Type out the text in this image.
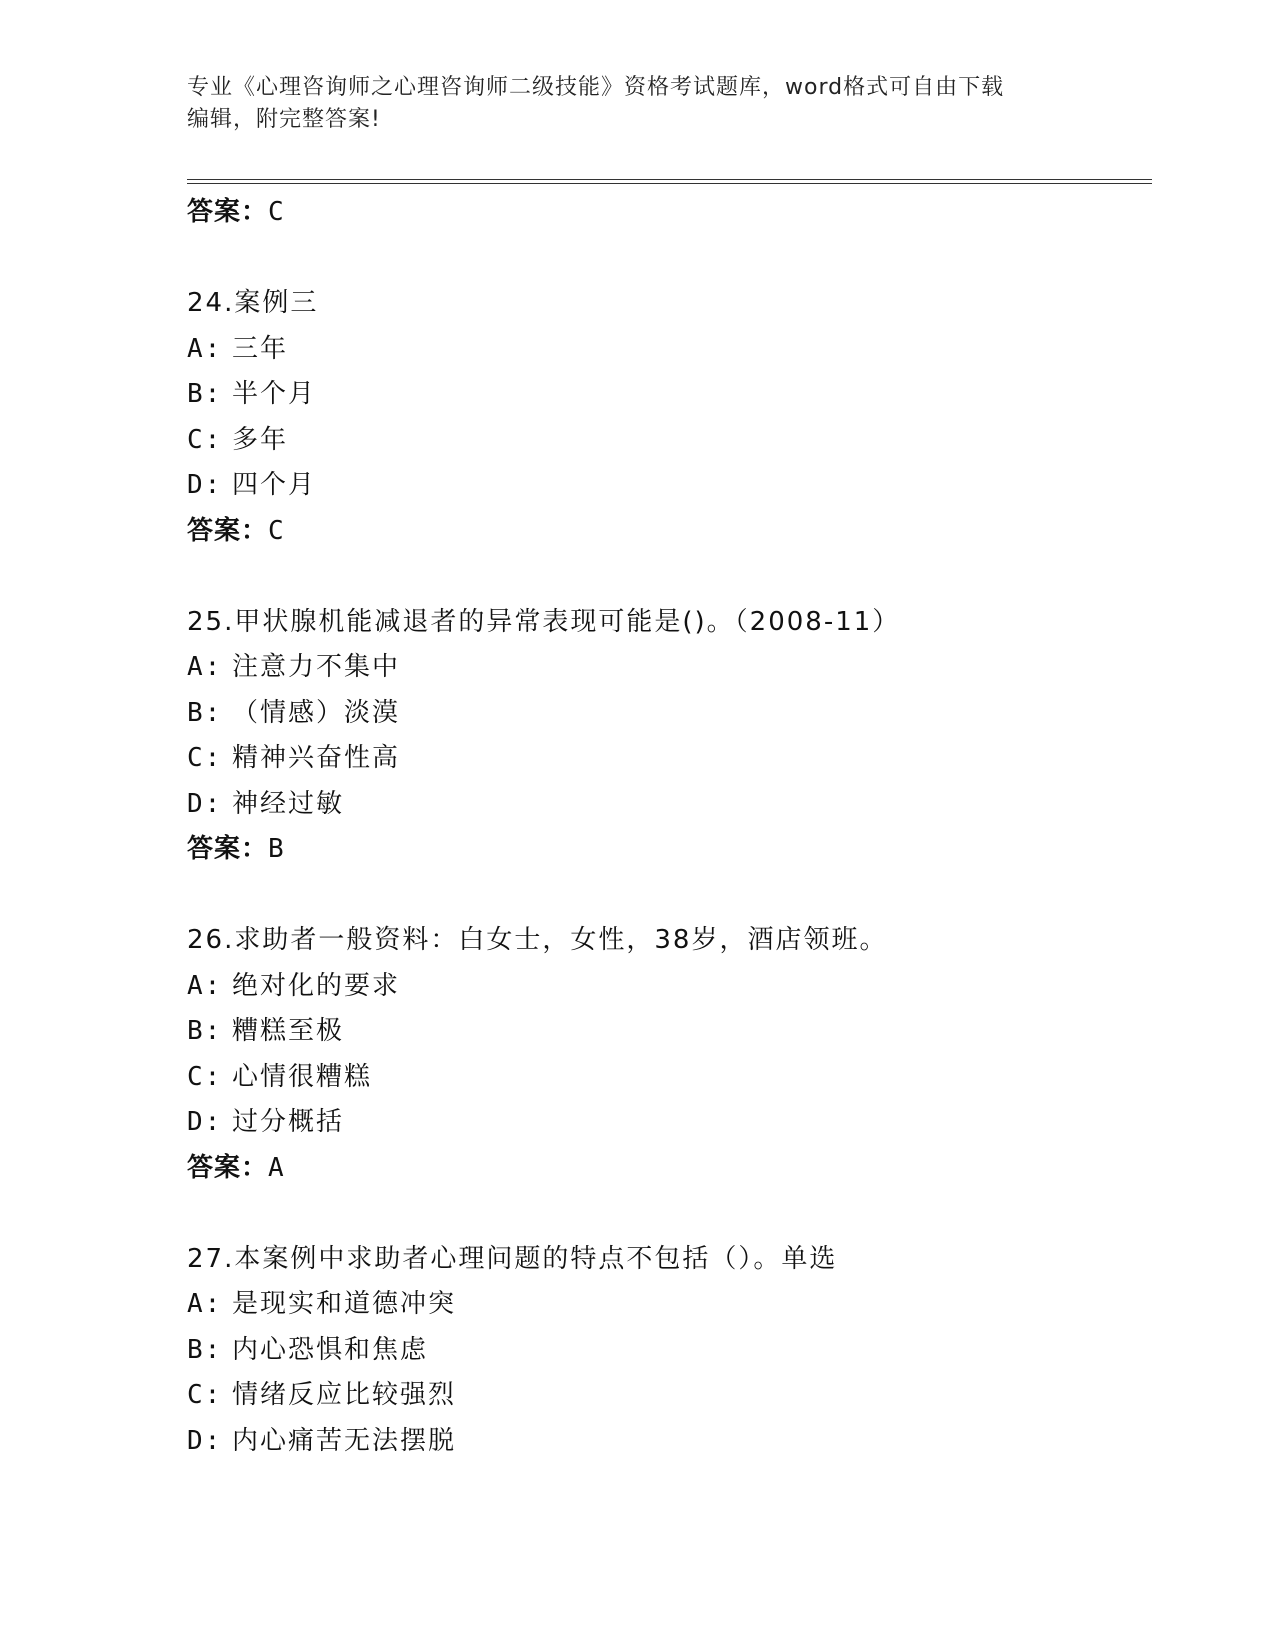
专业《心理咨询师之心理咨询师二级技能》资格考试题库，word格式可自由下载
编辑，附完整答案!
答案：C
24.案例三
A: 三年
B: 半个月
C: 多年
D: 四个月
答案：C
25.甲状腺机能减退者的异常表现可能是()。（2008-11）
A: 注意力不集中
B: （情感）淡漠
C: 精神兴奋性高
D: 神经过敏
答案：B
26.求助者一般资料：白女士，女性，38岁，酒店领班。
A: 绝对化的要求
B: 糟糕至极
C: 心情很糟糕
D: 过分概括
答案：A
27.本案例中求助者心理问题的特点不包括（）。单选
A: 是现实和道德冲突
B: 内心恐惧和焦虑
C: 情绪反应比较强烈
D: 内心痛苦无法摆脱
